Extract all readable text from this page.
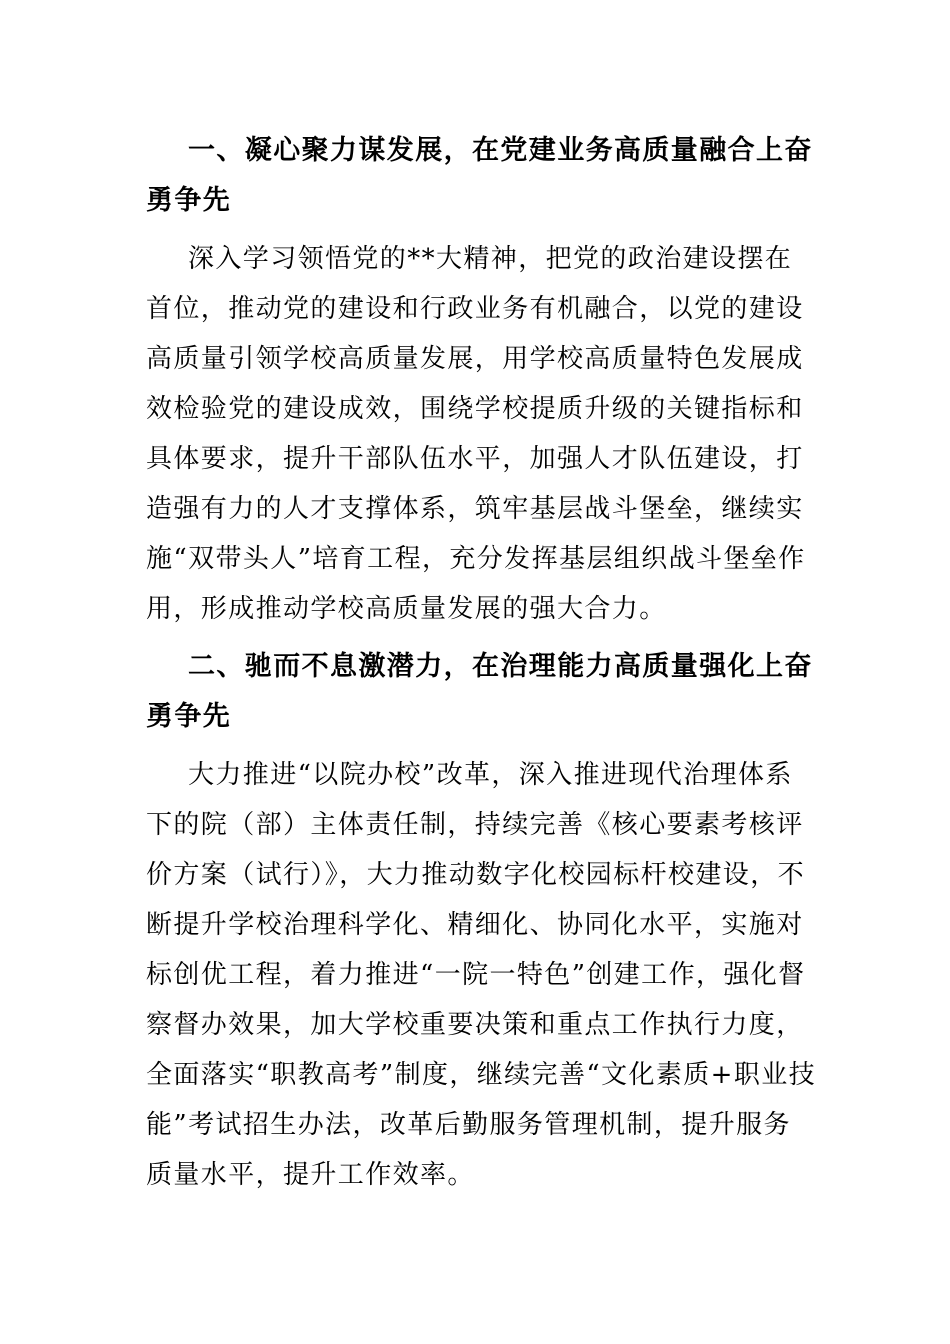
一、凝心聚力谋发展，在党建业务高质量融合上奋勇争先

深入学习领悟党的**大精神，把党的政治建设摆在首位，推动党的建设和行政业务有机融合，以党的建设高质量引领学校高质量发展，用学校高质量特色发展成效检验党的建设成效，围绕学校提质升级的关键指标和具体要求，提升干部队伍水平，加强人才队伍建设，打造强有力的人才支撑体系，筑牢基层战斗堡垒，继续实施“双带头人”培育工程，充分发挥基层组织战斗堡垒作用，形成推动学校高质量发展的强大合力。

二、驰而不息激潜力，在治理能力高质量强化上奋勇争先

大力推进“以院办校”改革，深入推进现代治理体系下的院（部）主体责任制，持续完善《核心要素考核评价方案（试行）》，大力推动数字化校园标杆校建设，不断提升学校治理科学化、精细化、协同化水平，实施对标创优工程，着力推进“一院一特色”创建工作，强化督察督办效果，加大学校重要决策和重点工作执行力度，全面落实“职教高考”制度，继续完善“文化素质+职业技能”考试招生办法，改革后勤服务管理机制，提升服务质量水平，提升工作效率。
